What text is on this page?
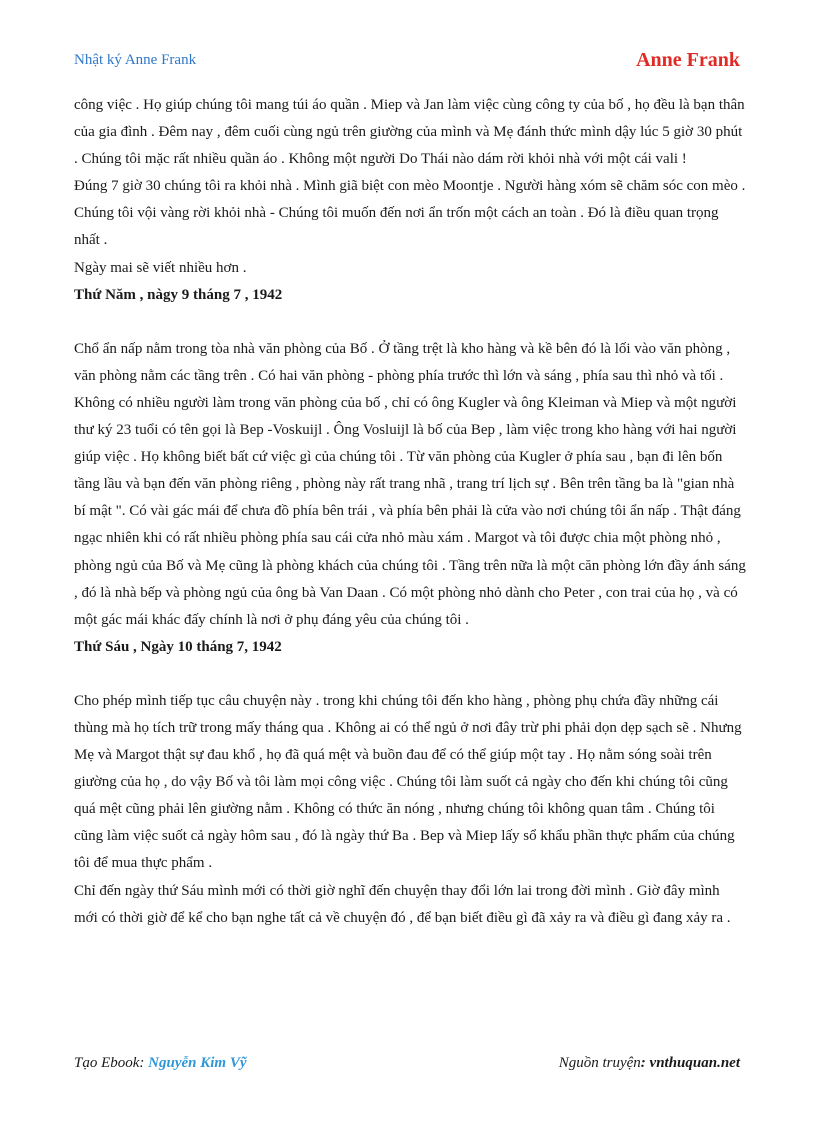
Nhật ký Anne Frank	Anne Frank

công việc . Họ giúp chúng tôi mang túi áo quần . Miep và Jan làm việc cùng công ty của bố , họ đều là bạn thân của gia đình . Đêm nay , đêm cuối cùng ngủ trên giường của mình và Mẹ đánh thức mình dậy lúc 5 giờ 30 phút . Chúng tôi mặc rất nhiều quần áo . Không một người Do Thái nào dám rời khỏi nhà với một cái vali !

Đúng 7 giờ 30 chúng tôi ra khỏi nhà . Mình giã biệt con mèo Moontje . Người hàng xóm sẽ chăm sóc con mèo . Chúng tôi vội vàng rời khỏi nhà - Chúng tôi muốn đến nơi ẩn trốn một cách an toàn . Đó là điều quan trọng nhất .

Ngày mai sẽ viết nhiều hơn .

Thứ Năm , nàgy 9 tháng 7 , 1942

Chổ ẩn nấp nằm trong tòa nhà văn phòng của Bố . Ở tầng trệt là kho hàng và kề bên đó là lối vào văn phòng , văn phòng nằm các tầng trên . Có hai văn phòng - phòng phía trước thì lớn và sáng , phía sau thì nhỏ và tối . Không có nhiều người làm trong văn phòng của bố , chỉ có ông Kugler và ông Kleiman và Miep và một người thư ký 23 tuổi có tên gọi là Bep -Voskuijl . Ông Vosluijl là bố của Bep , làm việc trong kho hàng với hai người giúp việc . Họ không biết bất cứ việc gì của chúng tôi . Từ văn phòng của Kugler ở phía sau , bạn đi lên bốn tầng lầu và bạn đến văn phòng riêng , phòng này rất trang nhã , trang trí lịch sự . Bên trên tầng ba là "gian nhà bí mật ". Có vài gác mái để chưa đồ phía bên trái , và phía bên phải là cửa vào nơi chúng tôi ẩn nấp . Thật đáng ngạc nhiên khi có rất nhiều phòng phía sau cái cửa nhỏ màu xám . Margot và tôi được chia một phòng nhỏ , phòng ngủ của Bố và Mẹ cũng là phòng khách của chúng tôi . Tầng trên nữa là một căn phòng lớn đầy ánh sáng , đó là nhà bếp và phòng ngủ của ông bà Van Daan . Có một phòng nhỏ dành cho Peter , con trai của họ , và có một gác mái khác đấy chính là nơi ở phụ đáng yêu của chúng tôi .

Thứ Sáu , Ngày 10 tháng 7, 1942

Cho phép mình tiếp tục câu chuyện này . trong khi chúng tôi đến kho hàng , phòng phụ chứa đầy những cái thùng mà họ tích trữ trong mấy tháng qua . Không ai có thể ngủ ở nơi đây trừ phi phải dọn dẹp sạch sẽ . Nhưng Mẹ và Margot thật sự đau khổ , họ đã quá mệt và buồn đau để có thể giúp một tay . Họ nằm sóng soài trên giường của họ , do vậy Bố và tôi làm mọi công việc . Chúng tôi làm suốt cả ngày cho đến khi chúng tôi cũng quá mệt cũng phải lên giường nằm . Không có thức ăn nóng , nhưng chúng tôi không quan tâm . Chúng tôi cũng làm việc suốt cả ngày hôm sau , đó là ngày thứ Ba . Bep và Miep lấy sổ khẩu phần thực phẩm của chúng tôi để mua thực phẩm .

Chỉ đến ngày thứ Sáu mình mới có thời giờ nghĩ đến chuyện thay đổi lớn lai trong đời mình . Giờ đây mình mới có thời giờ để kể cho bạn nghe tất cả về chuyện đó , để bạn biết điều gì đã xảy ra và điều gì đang xảy ra .

Tạo Ebook: Nguyễn Kim Vỹ	Nguồn truyện: vnthuquan.net
